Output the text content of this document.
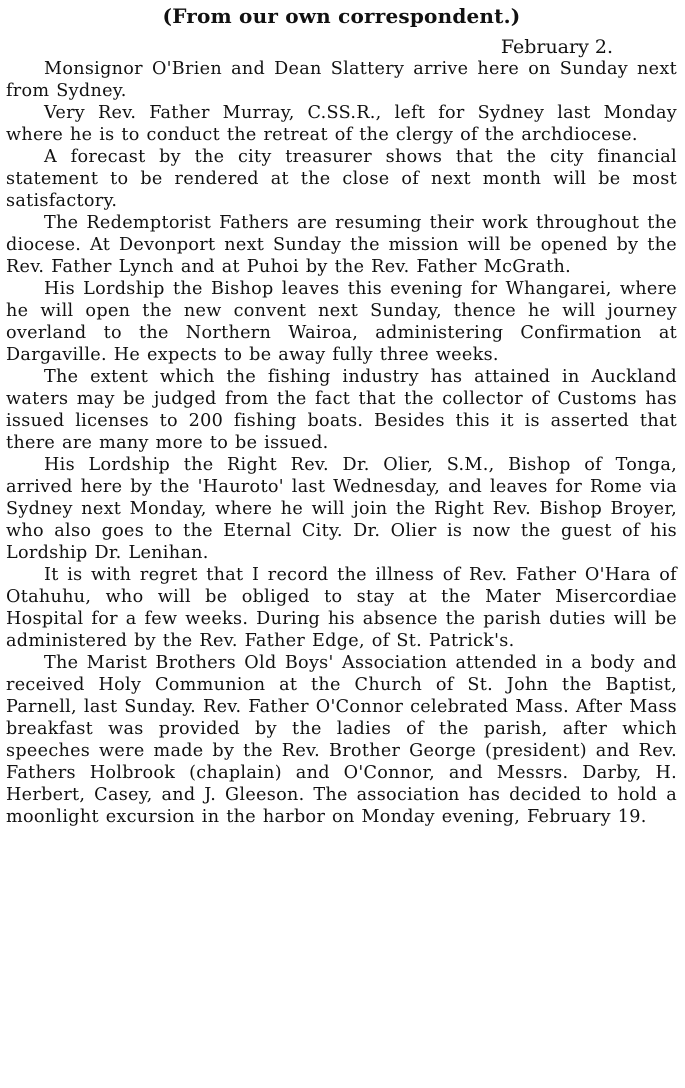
(From our own correspondent.)
February 2.

Monsignor O'Brien and Dean Slattery arrive here on Sunday next from Sydney.

Very Rev. Father Murray, C.SS.R., left for Sydney last Monday where he is to conduct the retreat of the clergy of the archdiocese.

A forecast by the city treasurer shows that the city financial statement to be rendered at the close of next month will be most satisfactory.

The Redemptorist Fathers are resuming their work throughout the diocese. At Devonport next Sunday the mission will be opened by the Rev. Father Lynch and at Puhoi by the Rev. Father McGrath.

His Lordship the Bishop leaves this evening for Whangarei, where he will open the new convent next Sunday, thence he will journey overland to the Northern Wairoa, administering Confirmation at Dargaville. He expects to be away fully three weeks.

The extent which the fishing industry has attained in Auckland waters may be judged from the fact that the collector of Customs has issued licenses to 200 fishing boats. Besides this it is asserted that there are many more to be issued.

His Lordship the Right Rev. Dr. Olier, S.M., Bishop of Tonga, arrived here by the 'Hauroto' last Wednesday, and leaves for Rome via Sydney next Monday, where he will join the Right Rev. Bishop Broyer, who also goes to the Eternal City. Dr. Olier is now the guest of his Lordship Dr. Lenihan.

It is with regret that I record the illness of Rev. Father O'Hara of Otahuhu, who will be obliged to stay at the Mater Misercordiae Hospital for a few weeks. During his absence the parish duties will be administered by the Rev. Father Edge, of St. Patrick's.

The Marist Brothers Old Boys' Association attended in a body and received Holy Communion at the Church of St. John the Baptist, Parnell, last Sunday. Rev. Father O'Connor celebrated Mass. After Mass breakfast was provided by the ladies of the parish, after which speeches were made by the Rev. Brother George (president) and Rev. Fathers Holbrook (chaplain) and O'Connor, and Messrs. Darby, H. Herbert, Casey, and J. Gleeson. The association has decided to hold a moonlight excursion in the harbor on Monday evening, February 19.
